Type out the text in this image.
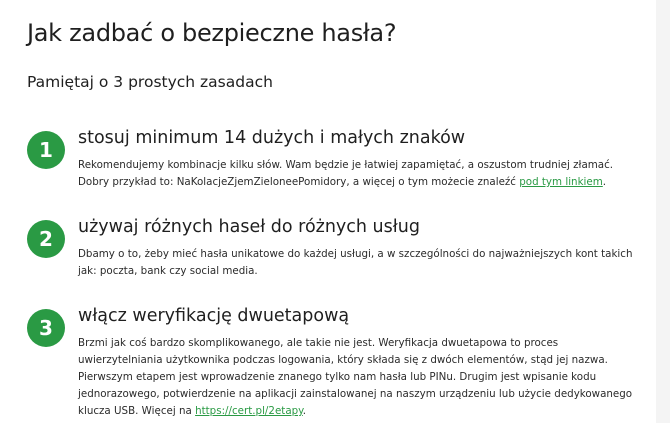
Jak zadbać o bezpieczne hasła?
Pamiętaj o 3 prostych zasadach
1	stosuj minimum 14 dużych i małych znaków

Rekomendujemy kombinacje kilku słów. Wam będzie je łatwiej zapamiętać, a oszustom trudniej złamać. Dobry przykład to: NaKolacjeZjemZieloneePomidory, a więcej o tym możecie znaleźć pod tym linkiem.

2	używaj różnych haseł do różnych usług

Dbamy o to, żeby mieć hasła unikatowe do każdej usługi, a w szczególności do najważniejszych kont takich jak: poczta, bank czy social media.

3	włącz weryfikację dwuetapową

Brzmi jak coś bardzo skomplikowanego, ale takie nie jest. Weryfikacja dwuetapowa to proces uwierzytelniania użytkownika podczas logowania, który składa się z dwóch elementów, stąd jej nazwa. Pierwszym etapem jest wprowadzenie znanego tylko nam hasła lub PINu. Drugim jest wpisanie kodu jednorazowego, potwierdzenie na aplikacji zainstalowanej na naszym urządzeniu lub użycie dedykowanego klucza USB. Więcej na https://cert.pl/2etapy.
